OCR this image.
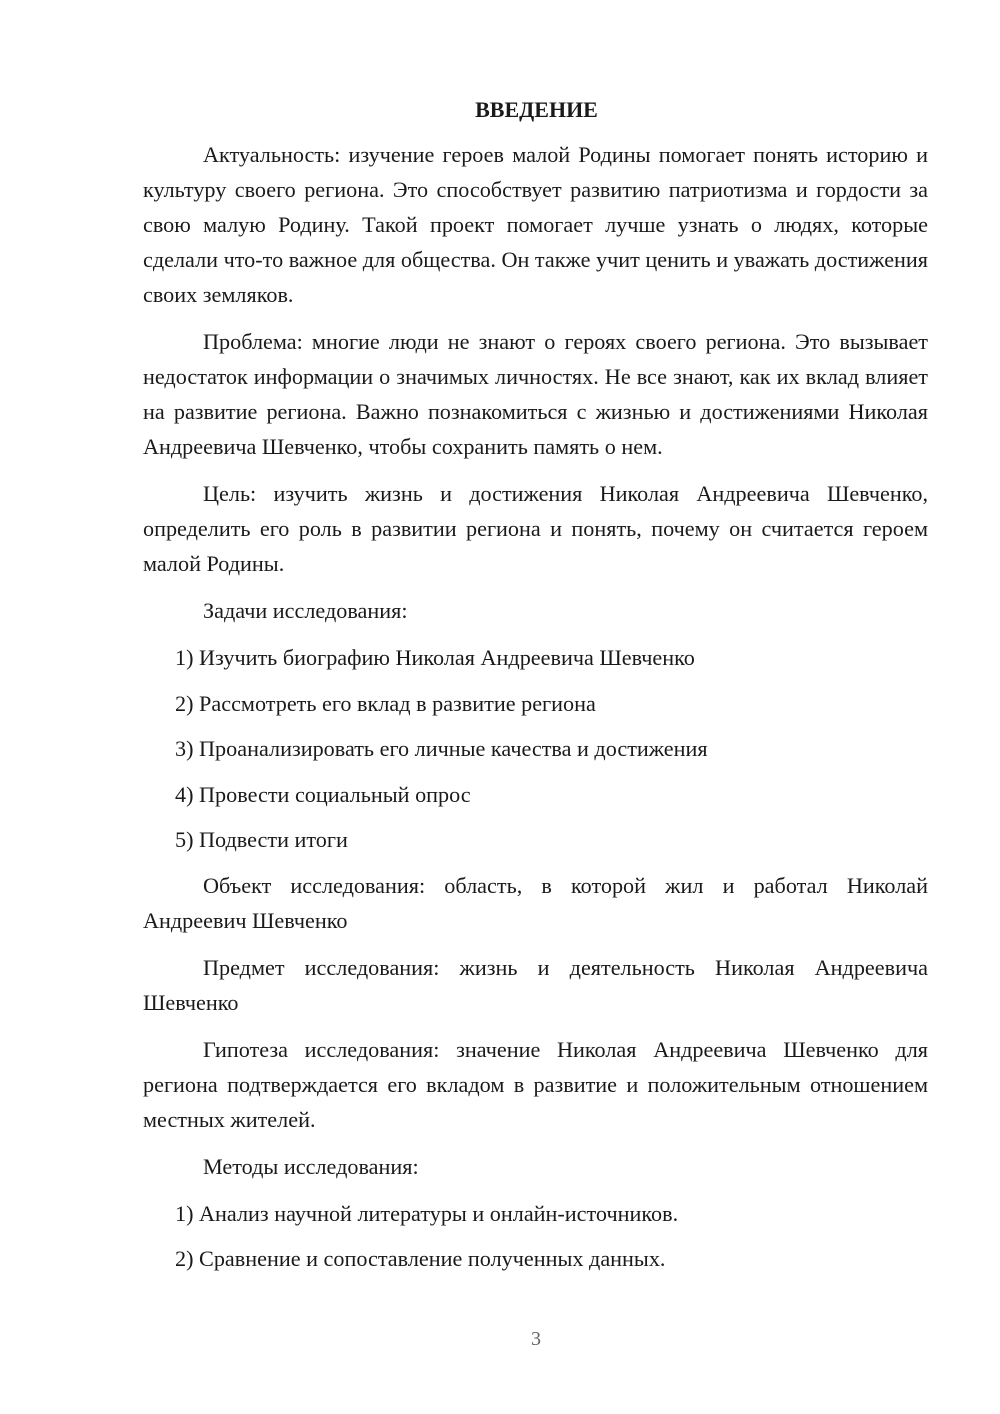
ВВЕДЕНИЕ

Актуальность: изучение героев малой Родины помогает понять историю и культуру своего региона. Это способствует развитию патриотизма и гордости за свою малую Родину. Такой проект помогает лучше узнать о людях, которые сделали что-то важное для общества. Он также учит ценить и уважать достижения своих земляков.

Проблема: многие люди не знают о героях своего региона. Это вызывает недостаток информации о значимых личностях. Не все знают, как их вклад влияет на развитие региона. Важно познакомиться с жизнью и достижениями Николая Андреевича Шевченко, чтобы сохранить память о нем.

Цель: изучить жизнь и достижения Николая Андреевича Шевченко, определить его роль в развитии региона и понять, почему он считается героем малой Родины.

Задачи исследования:

1) Изучить биографию Николая Андреевича Шевченко
2) Рассмотреть его вклад в развитие региона
3) Проанализировать его личные качества и достижения
4) Провести социальный опрос
5) Подвести итоги

Объект исследования: область, в которой жил и работал Николай Андреевич Шевченко

Предмет исследования: жизнь и деятельность Николая Андреевича Шевченко

Гипотеза исследования: значение Николая Андреевича Шевченко для региона подтверждается его вкладом в развитие и положительным отношением местных жителей.

Методы исследования:

1) Анализ научной литературы и онлайн-источников.
2) Сравнение и сопоставление полученных данных.
3
